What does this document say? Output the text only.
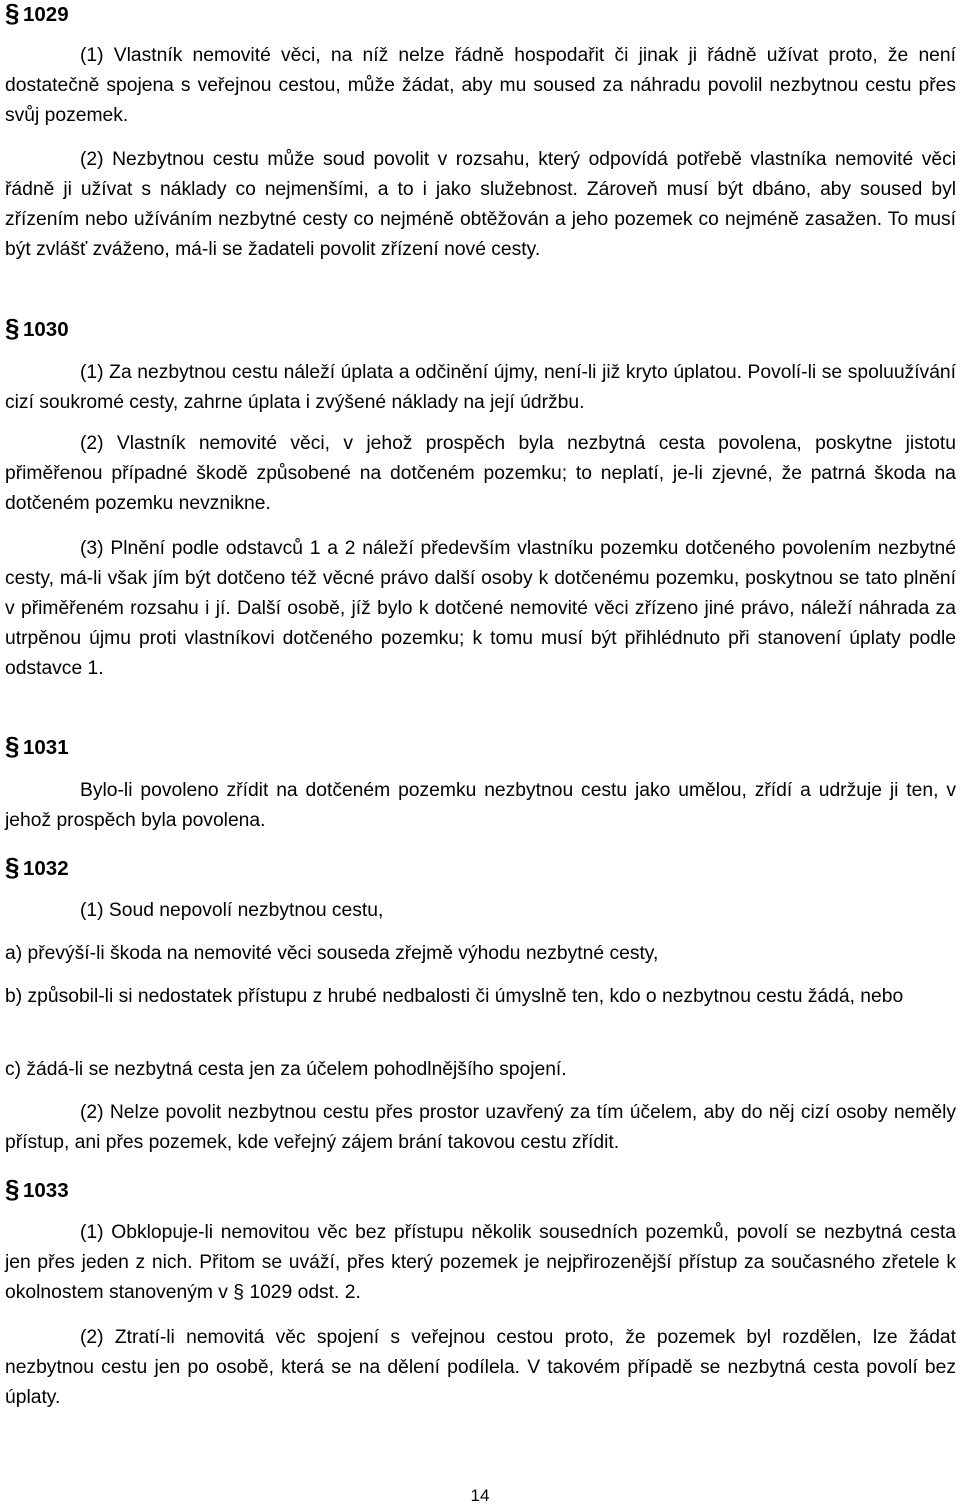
§ 1029

(1) Vlastník nemovité věci, na níž nelze řádně hospodařit či jinak ji řádně užívat proto, že není dostatečně spojena s veřejnou cestou, může žádat, aby mu soused za náhradu povolil nezbytnou cestu přes svůj pozemek.

(2) Nezbytnou cestu může soud povolit v rozsahu, který odpovídá potřebě vlastníka nemovité věci řádně ji užívat s náklady co nejmenšími, a to i jako služebnost. Zároveň musí být dbáno, aby soused byl zřízením nebo užíváním nezbytné cesty co nejméně obtěžován a jeho pozemek co nejméně zasažen. To musí být zvlášť zváženo, má-li se žadateli povolit zřízení nové cesty.

§ 1030

(1) Za nezbytnou cestu náleží úplata a odčinění újmy, není-li již kryto úplatou. Povolí-li se spoluužívání cizí soukromé cesty, zahrne úplata i zvýšené náklady na její údržbu.

(2) Vlastník nemovité věci, v jehož prospěch byla nezbytná cesta povolena, poskytne jistotu přiměřenou případné škodě způsobené na dotčeném pozemku; to neplatí, je-li zjevné, že patrná škoda na dotčeném pozemku nevznikne.

(3) Plnění podle odstavců 1 a 2 náleží především vlastníku pozemku dotčeného povolením nezbytné cesty, má-li však jím být dotčeno též věcné právo další osoby k dotčenému pozemku, poskytnou se tato plnění v přiměřeném rozsahu i jí. Další osobě, jíž bylo k dotčené nemovité věci zřízeno jiné právo, náleží náhrada za utrpěnou újmu proti vlastníkovi dotčeného pozemku; k tomu musí být přihlédnuto při stanovení úplaty podle odstavce 1.

§ 1031

Bylo-li povoleno zřídit na dotčeném pozemku nezbytnou cestu jako umělou, zřídí a udržuje ji ten, v jehož prospěch byla povolena.

§ 1032

(1) Soud nepovolí nezbytnou cestu,

a) převýší-li škoda na nemovité věci souseda zřejmě výhodu nezbytné cesty,

b) způsobil-li si nedostatek přístupu z hrubé nedbalosti či úmyslně ten, kdo o nezbytnou cestu žádá, nebo

c) žádá-li se nezbytná cesta jen za účelem pohodlnějšího spojení.

(2) Nelze povolit nezbytnou cestu přes prostor uzavřený za tím účelem, aby do něj cizí osoby neměly přístup, ani přes pozemek, kde veřejný zájem brání takovou cestu zřídit.

§ 1033

(1) Obklopuje-li nemovitou věc bez přístupu několik sousedních pozemků, povolí se nezbytná cesta jen přes jeden z nich. Přitom se uváží, přes který pozemek je nejpřirozenější přístup za současného zřetele k okolnostem stanoveným v § 1029 odst. 2.

(2) Ztratí-li nemovitá věc spojení s veřejnou cestou proto, že pozemek byl rozdělen, lze žádat nezbytnou cestu jen po osobě, která se na dělení podílela. V takovém případě se nezbytná cesta povolí bez úplaty.

14
